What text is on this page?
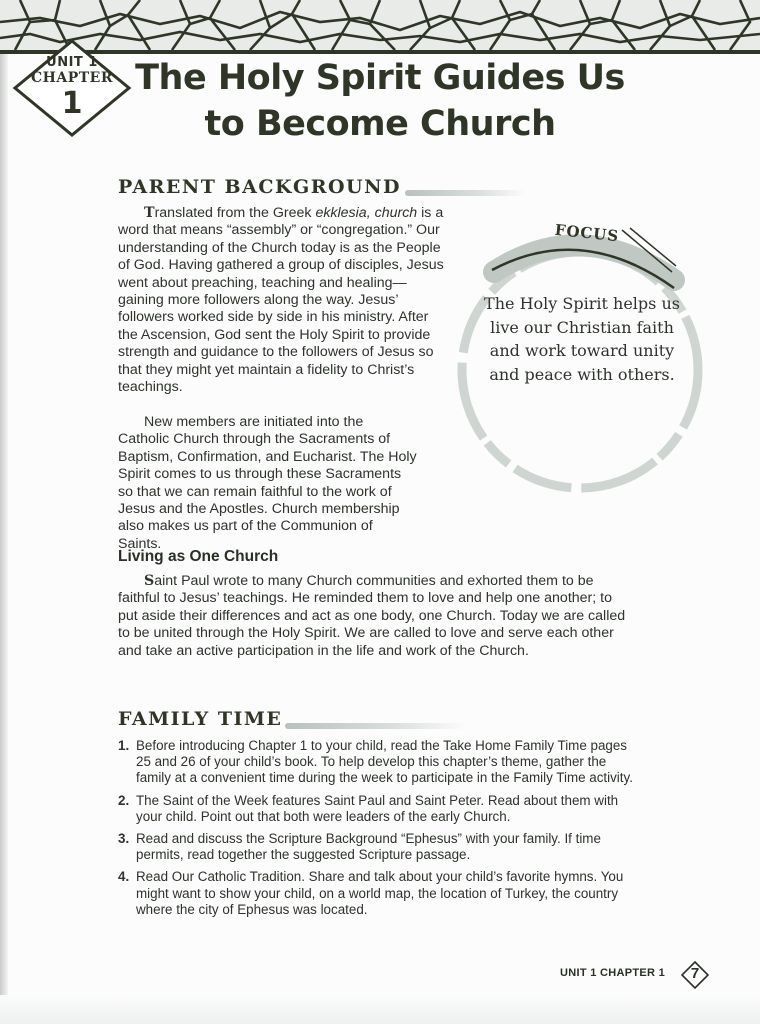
UNIT 1
CHAPTER
1
The Holy Spirit Guides Us
to Become Church
PARENT BACKGROUND

Translated from the Greek ekklesia, church is a word that means “assembly” or “congregation.” Our understanding of the Church today is as the People of God. Having gathered a group of disciples, Jesus went about preaching, teaching and healing—gaining more followers along the way. Jesus’ followers worked side by side in his ministry. After the Ascension, God sent the Holy Spirit to provide strength and guidance to the followers of Jesus so that they might yet maintain a fidelity to Christ’s teachings.

New members are initiated into the Catholic Church through the Sacraments of Baptism, Confirmation, and Eucharist. The Holy Spirit comes to us through these Sacraments so that we can remain faithful to the work of Jesus and the Apostles. Church membership also makes us part of the Communion of Saints.

FOCUS
The Holy Spirit helps us live our Christian faith and work toward unity and peace with others.
Living as One Church

Saint Paul wrote to many Church communities and exhorted them to be faithful to Jesus’ teachings. He reminded them to love and help one another; to put aside their differences and act as one body, one Church. Today we are called to be united through the Holy Spirit. We are called to love and serve each other and take an active participation in the life and work of the Church.

FAMILY TIME
1. Before introducing Chapter 1 to your child, read the Take Home Family Time pages 25 and 26 of your child’s book. To help develop this chapter’s theme, gather the family at a convenient time during the week to participate in the Family Time activity.
2. The Saint of the Week features Saint Paul and Saint Peter. Read about them with your child. Point out that both were leaders of the early Church.
3. Read and discuss the Scripture Background “Ephesus” with your family. If time permits, read together the suggested Scripture passage.
4. Read Our Catholic Tradition. Share and talk about your child’s favorite hymns. You might want to show your child, on a world map, the location of Turkey, the country where the city of Ephesus was located.
UNIT 1 CHAPTER 1	7
